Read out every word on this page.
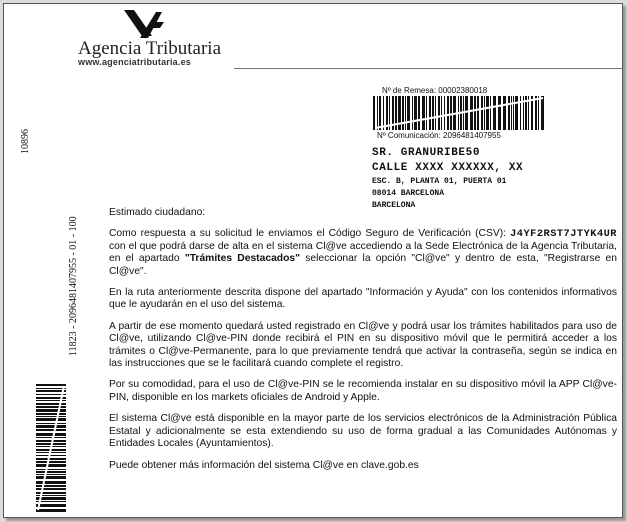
Agencia Tributaria
www.agenciatributaria.es
Nº de Remesa: 00002380018
Nº Comunicación: 2096481407955
SR. GRANURIBE50
CALLE XXXX XXXXXX, XX
ESC. B, PLANTA 01, PUERTA 01
08014 BARCELONA
BARCELONA
10896
11823 - 2096481407955 - 01 - 100

Estimado ciudadano:

Como respuesta a su solicitud le enviamos el Código Seguro de Verificación (CSV): J4YF2RST7JTYK4UR con el que podrá darse de alta en el sistema Cl@ve accediendo a la Sede Electrónica de la Agencia Tributaria, en el apartado "Trámites Destacados" seleccionar la opción "Cl@ve" y dentro de esta, "Registrarse en Cl@ve".

En la ruta anteriormente descrita dispone del apartado "Información y Ayuda" con los contenidos informativos que le ayudarán en el uso del sistema.

A partir de ese momento quedará usted registrado en Cl@ve y podrá usar los trámites habilitados para uso de Cl@ve, utilizando Cl@ve-PIN donde recibirá el PIN en su dispositivo móvil que le permitirá acceder a los trámites o Cl@ve-Permanente, para lo que previamente tendrá que activar la contraseña, según se indica en las instrucciones que se le facilitará cuando complete el registro.

Por su comodidad, para el uso de Cl@ve-PIN se le recomienda instalar en su dispositivo móvil la APP Cl@ve-PIN, disponible en los markets oficiales de Android y Apple.

El sistema Cl@ve está disponible en la mayor parte de los servicios electrónicos de la Administración Pública Estatal y adicionalmente se esta extendiendo su uso de forma gradual a las Comunidades Autónomas y Entidades Locales (Ayuntamientos).

Puede obtener más información del sistema Cl@ve en clave.gob.es
